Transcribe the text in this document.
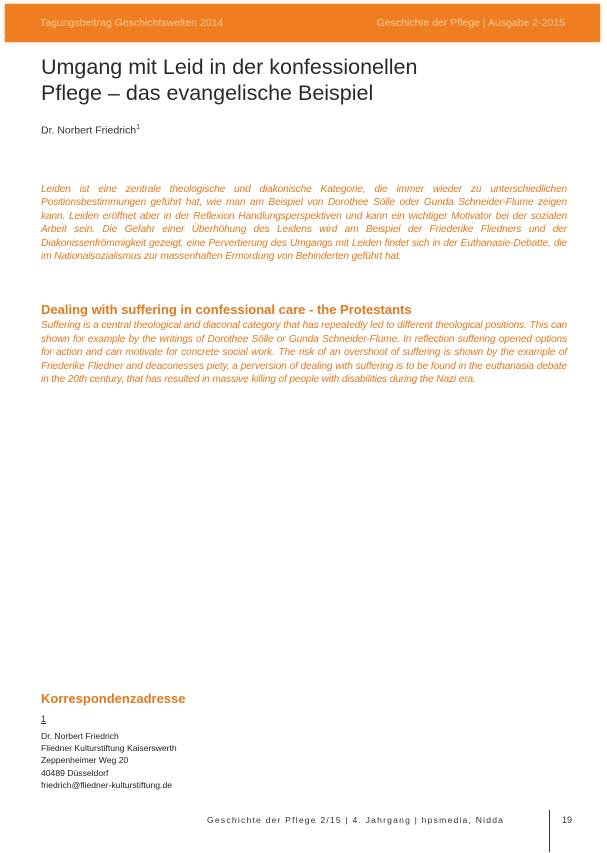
Tagungsbeitrag Geschichtswelten 2014	Geschichte der Pflege | Ausgabe 2-2015
Umgang mit Leid in der konfessionellen
Pflege – das evangelische Beispiel
Dr. Norbert Friedrich$^1$

Leiden ist eine zentrale theologische und diakonische Kategorie, die immer wieder zu unterschiedlichen Positionsbestimmungen geführt hat, wie man am Beispiel von Dorothee Sölle oder Gunda Schneider-Flume zeigen kann. Leiden eröffnet aber in der Reflexion Handlungsperspektiven und kann ein wichtiger Motivator bei der sozialen Arbeit sein. Die Gefahr einer Überhöhung des Leidens wird am Beispiel der Friederike Fliedners und der Diakonissenfrömmigkeit gezeigt, eine Pervertierung des Umgangs mit Leiden findet sich in der Euthanasie-Debatte, die im Nationalsozialismus zur massenhaften Ermordung von Behinderten geführt hat.

Dealing with suffering in confessional care - the Protestants

Suffering is a central theological and diaconal category that has repeatedly led to different theological positions. This can shown for example by the writings of Dorothee Sölle or Gunda Schneider-Flume. In reflection suffering opened options for action and can motivate for concrete social work. The risk of an overshoot of suffering is shown by the example of Friederike Fliedner and deaconesses piety, a perversion of dealing with suffering is to be found in the euthanasia debate in the 20th century, that has resulted in massive killing of people with disabilities during the Nazi era.

Korrespondenzadresse
1
Dr. Norbert Friedrich
Fliedner Kulturstiftung Kaiserswerth
Zeppenheimer Weg 20
40489 Düsseldorf
friedrich@fliedner-kulturstiftung.de
Geschichte der Pflege 2/15 | 4. Jahrgang | hpsmedia, Nidda	19
